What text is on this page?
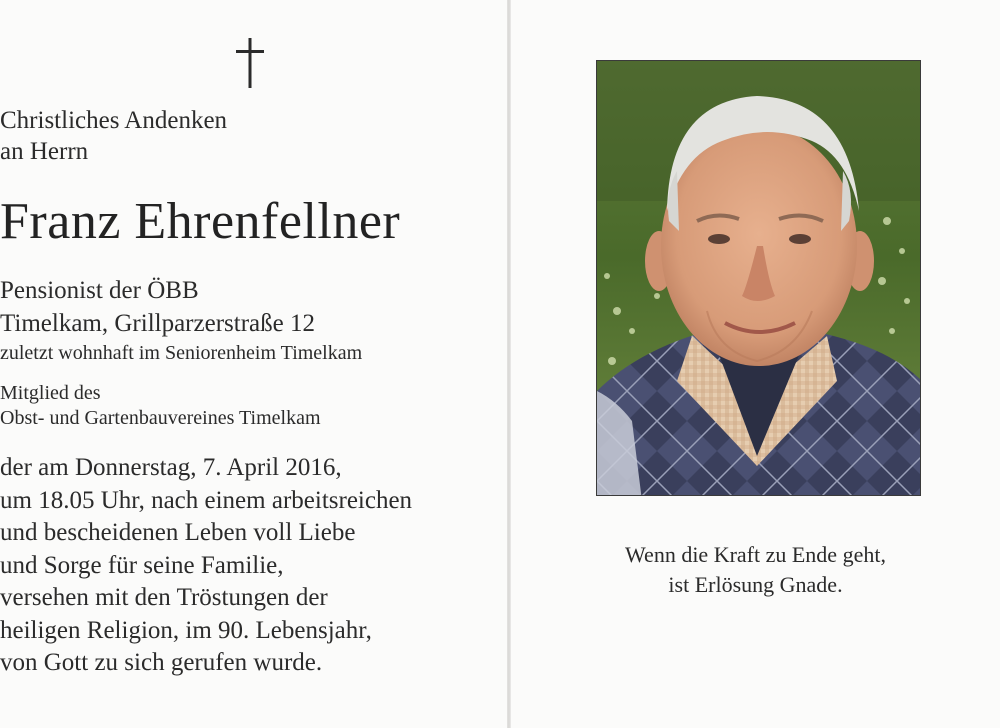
Christliches Andenken
an Herrn
Franz Ehrenfellner
Pensionist der ÖBB
Timelkam, Grillparzerstraße 12
zuletzt wohnhaft im Seniorenheim Timelkam
Mitglied des
Obst- und Gartenbauvereines Timelkam
der am Donnerstag, 7. April 2016,
um 18.05 Uhr, nach einem arbeitsreichen
und bescheidenen Leben voll Liebe
und Sorge für seine Familie,
versehen mit den Tröstungen der
heiligen Religion, im 90. Lebensjahr,
von Gott zu sich gerufen wurde.
Wenn die Kraft zu Ende geht,
ist Erlösung Gnade.
